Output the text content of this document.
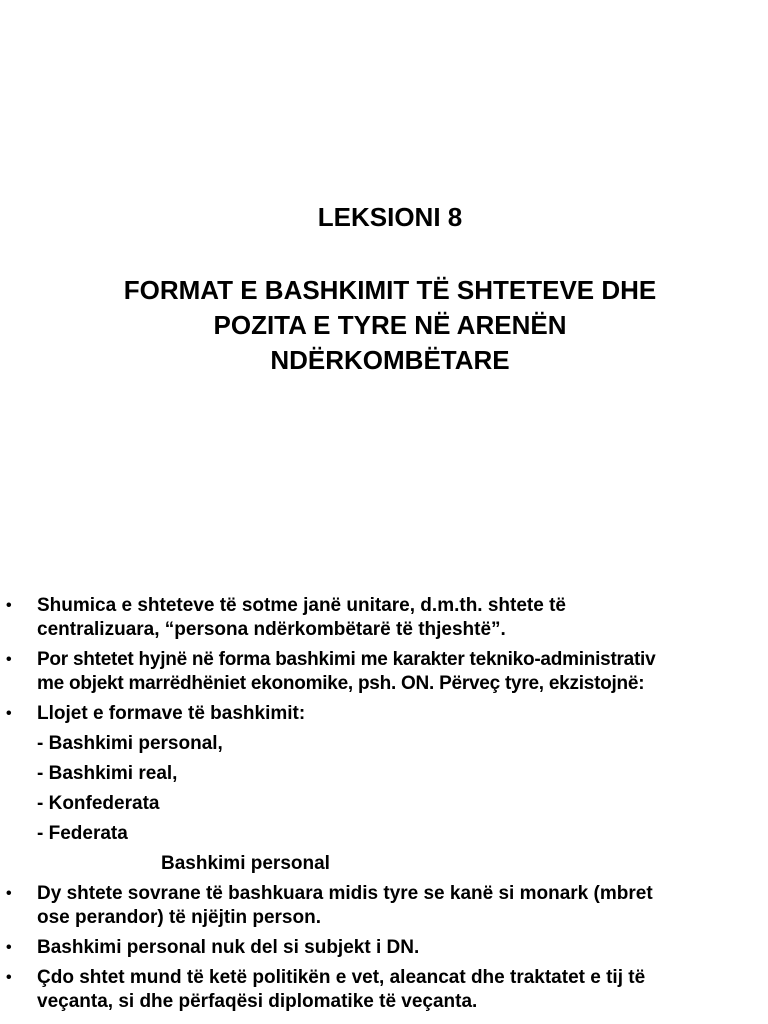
LEKSIONI 8
FORMAT E BASHKIMIT TË SHTETEVE DHE
POZITA E TYRE NË ARENËN
NDËRKOMBËTARE
• Shumica e shteteve të sotme janë unitare, d.m.th. shtete të
centralizuara, “persona ndërkombëtarë të thjeshtë”.
• Por shtetet hyjnë në forma bashkimi me karakter tekniko-administrativ
me objekt marrëdhëniet ekonomike, psh. ON. Përveç tyre, ekzistojnë:
• Llojet e formave të bashkimit:
- Bashkimi personal,
- Bashkimi real,
- Konfederata
- Federata
Bashkimi personal
• Dy shtete sovrane të bashkuara midis tyre se kanë si monark (mbret
ose perandor) të njëjtin person.
• Bashkimi personal nuk del si subjekt i DN.
• Çdo shtet mund të ketë politikën e vet, aleancat dhe traktatet e tij të
veçanta, si dhe përfaqësi diplomatike të veçanta.
